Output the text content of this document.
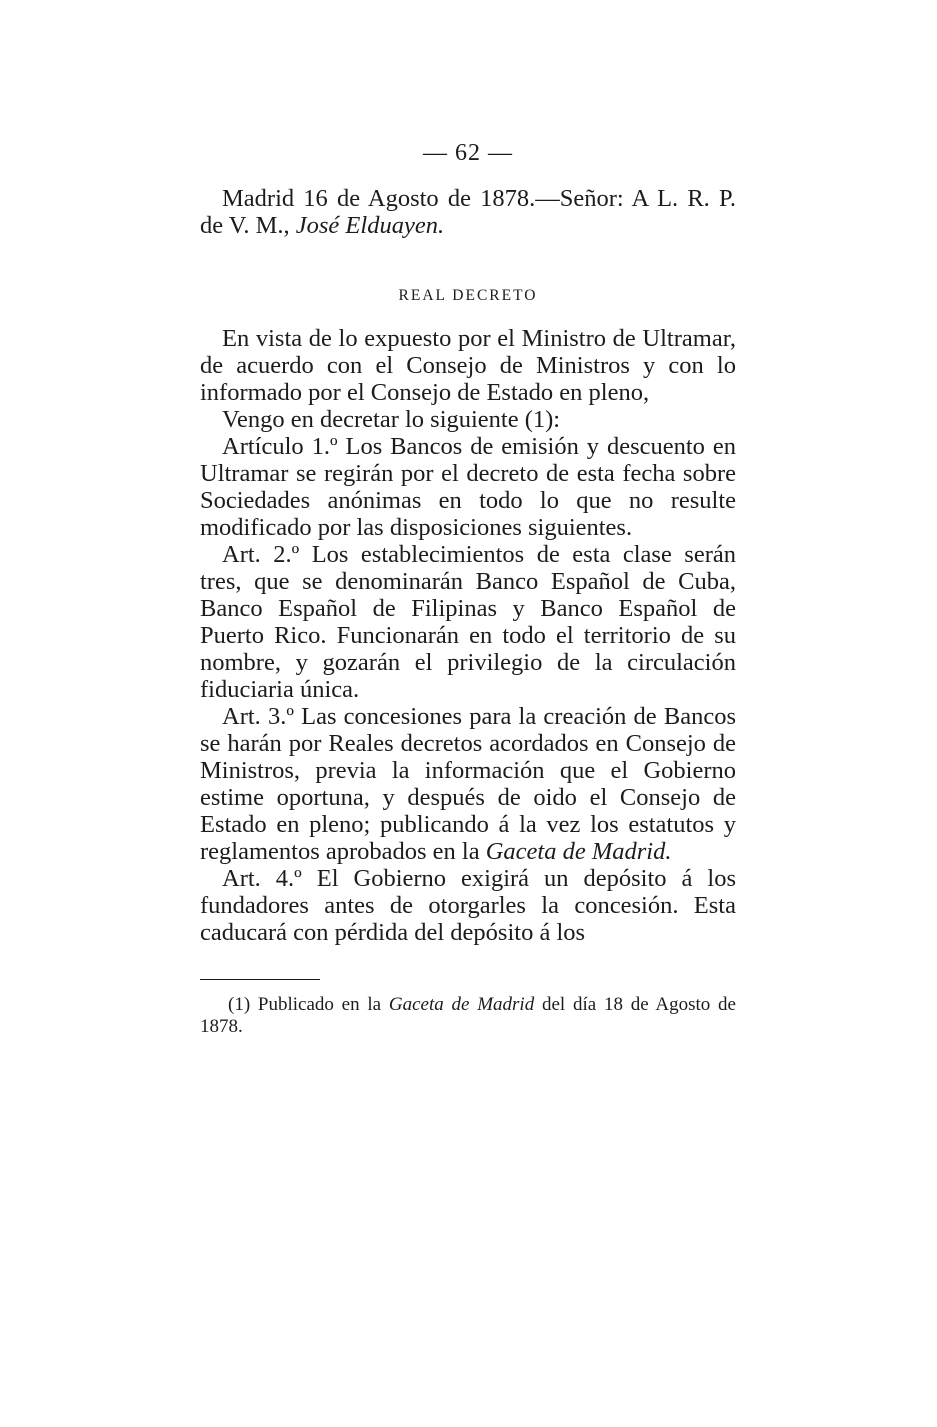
— 62 —

Madrid 16 de Agosto de 1878.—Señor: A L. R. P. de V. M., José Elduayen.

REAL DECRETO

En vista de lo expuesto por el Ministro de Ultramar, de acuerdo con el Consejo de Ministros y con lo informado por el Consejo de Estado en pleno,

Vengo en decretar lo siguiente (1):

Artículo 1.º Los Bancos de emisión y descuento en Ultramar se regirán por el decreto de esta fecha sobre Sociedades anónimas en todo lo que no resulte modificado por las disposiciones siguientes.

Art. 2.º Los establecimientos de esta clase serán tres, que se denominarán Banco Español de Cuba, Banco Español de Filipinas y Banco Español de Puerto Rico. Funcionarán en todo el territorio de su nombre, y gozarán el privilegio de la circulación fiduciaria única.

Art. 3.º Las concesiones para la creación de Bancos se harán por Reales decretos acordados en Consejo de Ministros, previa la información que el Gobierno estime oportuna, y después de oido el Consejo de Estado en pleno; publicando á la vez los estatutos y reglamentos aprobados en la Gaceta de Madrid.

Art. 4.º El Gobierno exigirá un depósito á los fundadores antes de otorgarles la concesión. Esta caducará con pérdida del depósito á los

(1) Publicado en la Gaceta de Madrid del día 18 de Agosto de 1878.
